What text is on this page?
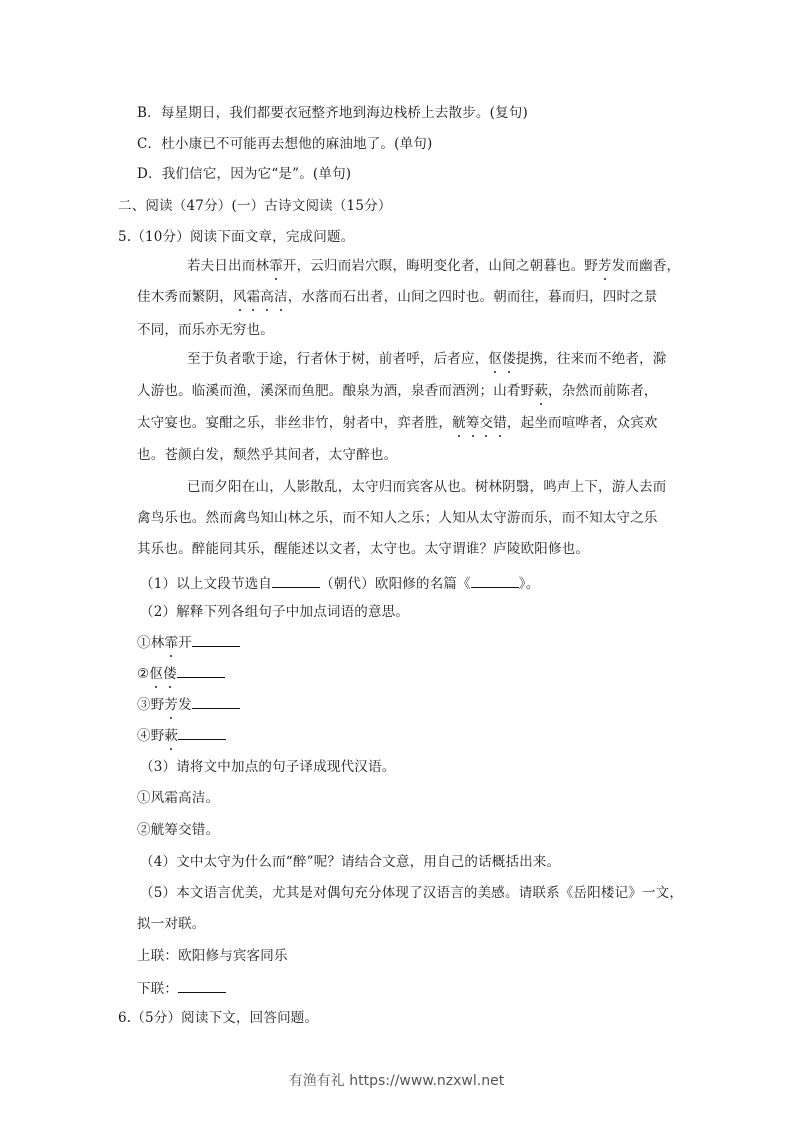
B．每星期日，我们都要衣冠整齐地到海边栈桥上去散步。(复句)
C．杜小康已不可能再去想他的麻油地了。(单句)
D．我们信它，因为它“是”。(单句)
二、阅读（47分）(一）古诗文阅读（15分）
5.（10分）阅读下面文章，完成问题。
若夫日出而林霏开，云归而岩穴暝，晦明变化者，山间之朝暮也。野芳发而幽香，
佳木秀而繁阴，风霜高洁，水落而石出者，山间之四时也。朝而往，暮而归，四时之景
不同，而乐亦无穷也。
至于负者歌于途，行者休于树，前者呼，后者应，伛偻提携，往来而不绝者，滁
人游也。临溪而渔，溪深而鱼肥。酿泉为酒，泉香而酒洌；山肴野蔌，杂然而前陈者，
太守宴也。宴酣之乐，非丝非竹，射者中，弈者胜，觥筹交错，起坐而喧哗者，众宾欢
也。苍颜白发，颓然乎其间者，太守醉也。
已而夕阳在山，人影散乱，太守归而宾客从也。树林阴翳，鸣声上下，游人去而
禽鸟乐也。然而禽鸟知山林之乐，而不知人之乐；人知从太守游而乐，而不知太守之乐
其乐也。醉能同其乐，醒能述以文者，太守也。太守谓谁？庐陵欧阳修也。
（1）以上文段节选自	（朝代）欧阳修的名篇《	》。
（2）解释下列各组句子中加点词语的意思。
①林霏开
②伛偻
③野芳发
④野蔌
（3）请将文中加点的句子译成现代汉语。
①风霜高洁。
②觥筹交错。
（4）文中太守为什么而“醉”呢？请结合文意，用自己的话概括出来。
（5）本文语言优美，尤其是对偶句充分体现了汉语言的美感。请联系《岳阳楼记》一文，
拟一对联。
上联：欧阳修与宾客同乐
下联：
6.（5分）阅读下文，回答问题。
有渔有礼 https://www.nzxwl.net
